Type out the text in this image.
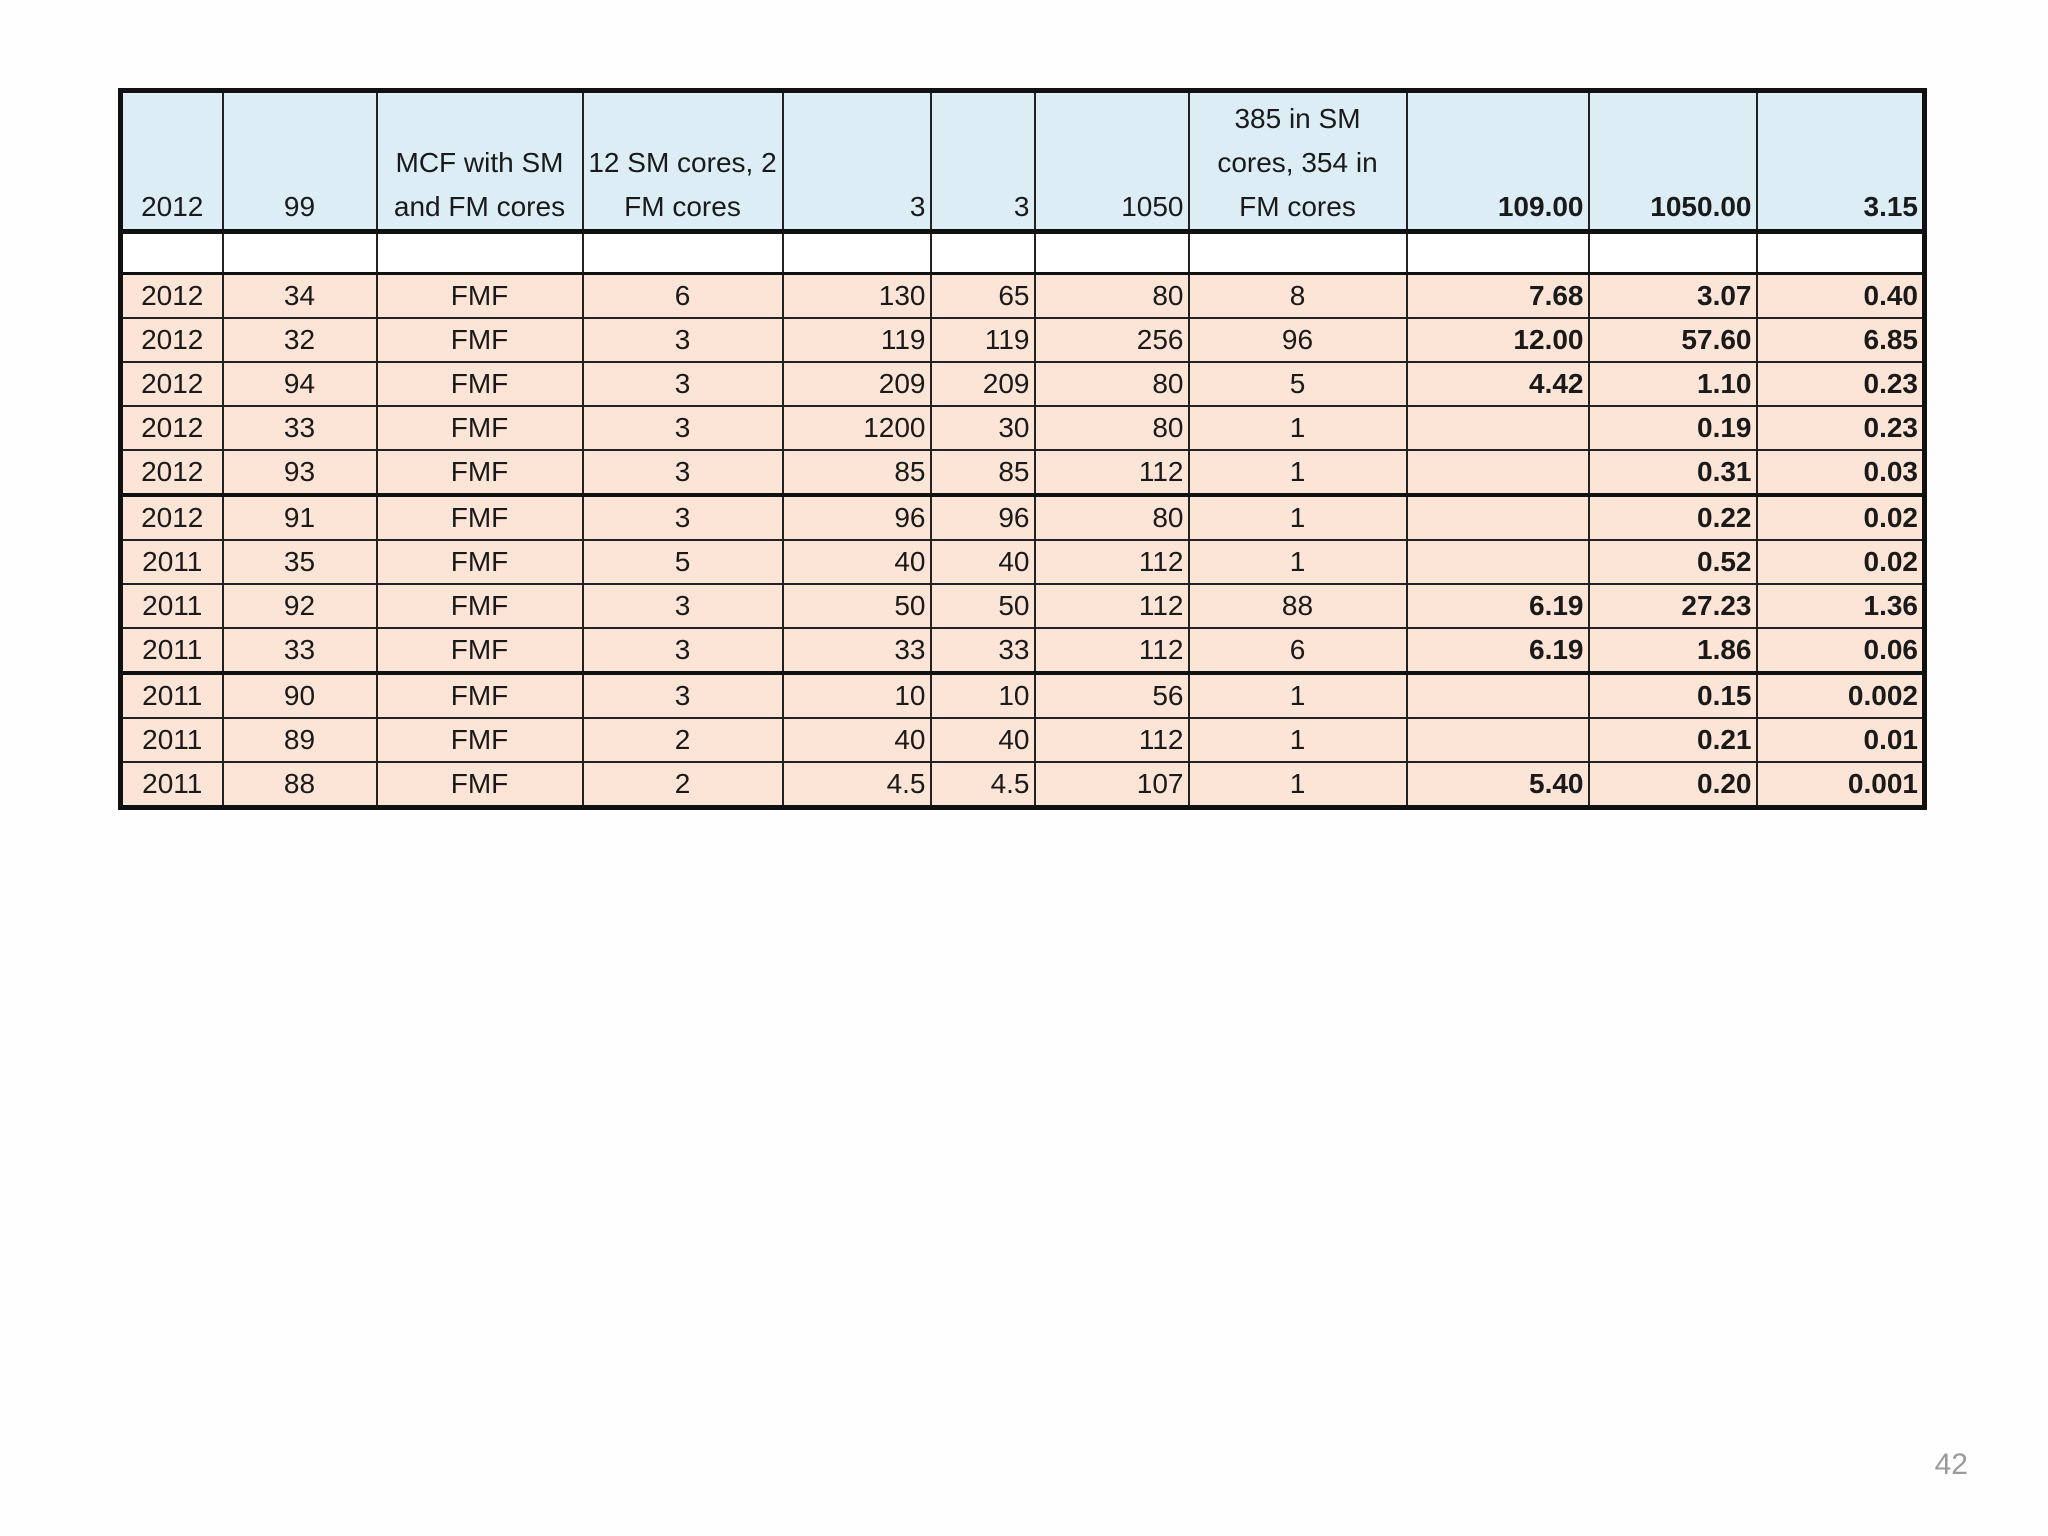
2012	99	MCF with SM and FM cores	12 SM cores, 2 FM cores	3	3	1050	385 in SM cores, 354 in FM cores	109.00	1050.00	3.15

2012	34	FMF	6	130	65	80	8	7.68	3.07	0.40
2012	32	FMF	3	119	119	256	96	12.00	57.60	6.85
2012	94	FMF	3	209	209	80	5	4.42	1.10	0.23
2012	33	FMF	3	1200	30	80	1		0.19	0.23
2012	93	FMF	3	85	85	112	1		0.31	0.03
2012	91	FMF	3	96	96	80	1		0.22	0.02
2011	35	FMF	5	40	40	112	1		0.52	0.02
2011	92	FMF	3	50	50	112	88	6.19	27.23	1.36
2011	33	FMF	3	33	33	112	6	6.19	1.86	0.06
2011	90	FMF	3	10	10	56	1		0.15	0.002
2011	89	FMF	2	40	40	112	1		0.21	0.01
2011	88	FMF	2	4.5	4.5	107	1	5.40	0.20	0.001
42
